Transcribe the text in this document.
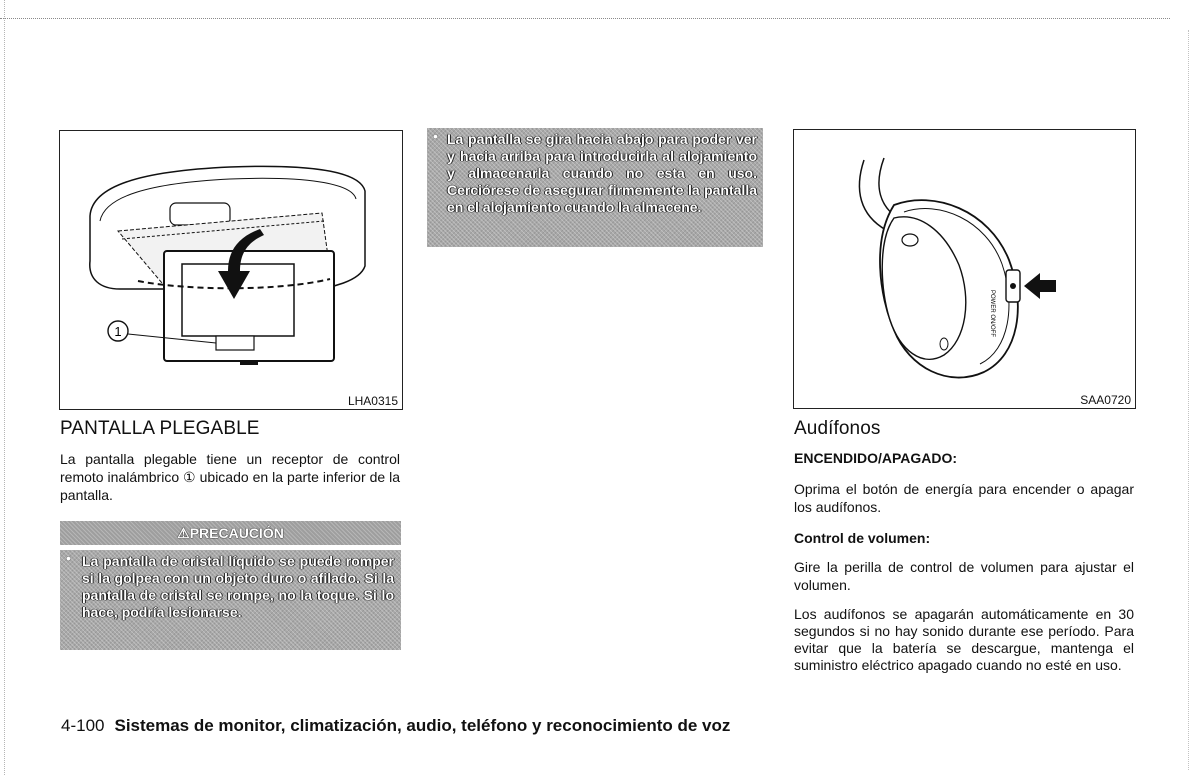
1
LHA0315
PANTALLA PLEGABLE
La pantalla plegable tiene un receptor de control remoto inalámbrico ① ubicado en la parte inferior de la pantalla.
⚠PRECAUCIÓN
• La pantalla de cristal líquido se puede romper si la golpea con un objeto duro o afilado. Si la pantalla de cristal se rompe, no la toque. Si lo hace, podría lesionarse.
• La pantalla se gira hacia abajo para poder ver y hacia arriba para introducirla al alojamiento y almacenarla cuando no esta en uso. Cerciórese de asegurar firmemente la pantalla en el alojamiento cuando la almacene.
POWER ON/OFF
SAA0720
Audífonos
ENCENDIDO/APAGADO:
Oprima el botón de energía para encender o apagar los audífonos.
Control de volumen:
Gire la perilla de control de volumen para ajustar el volumen.
Los audífonos se apagarán automáticamente en 30 segundos si no hay sonido durante ese período. Para evitar que la batería se descargue, mantenga el suministro eléctrico apagado cuando no esté en uso.
4-100 Sistemas de monitor, climatización, audio, teléfono y reconocimiento de voz
